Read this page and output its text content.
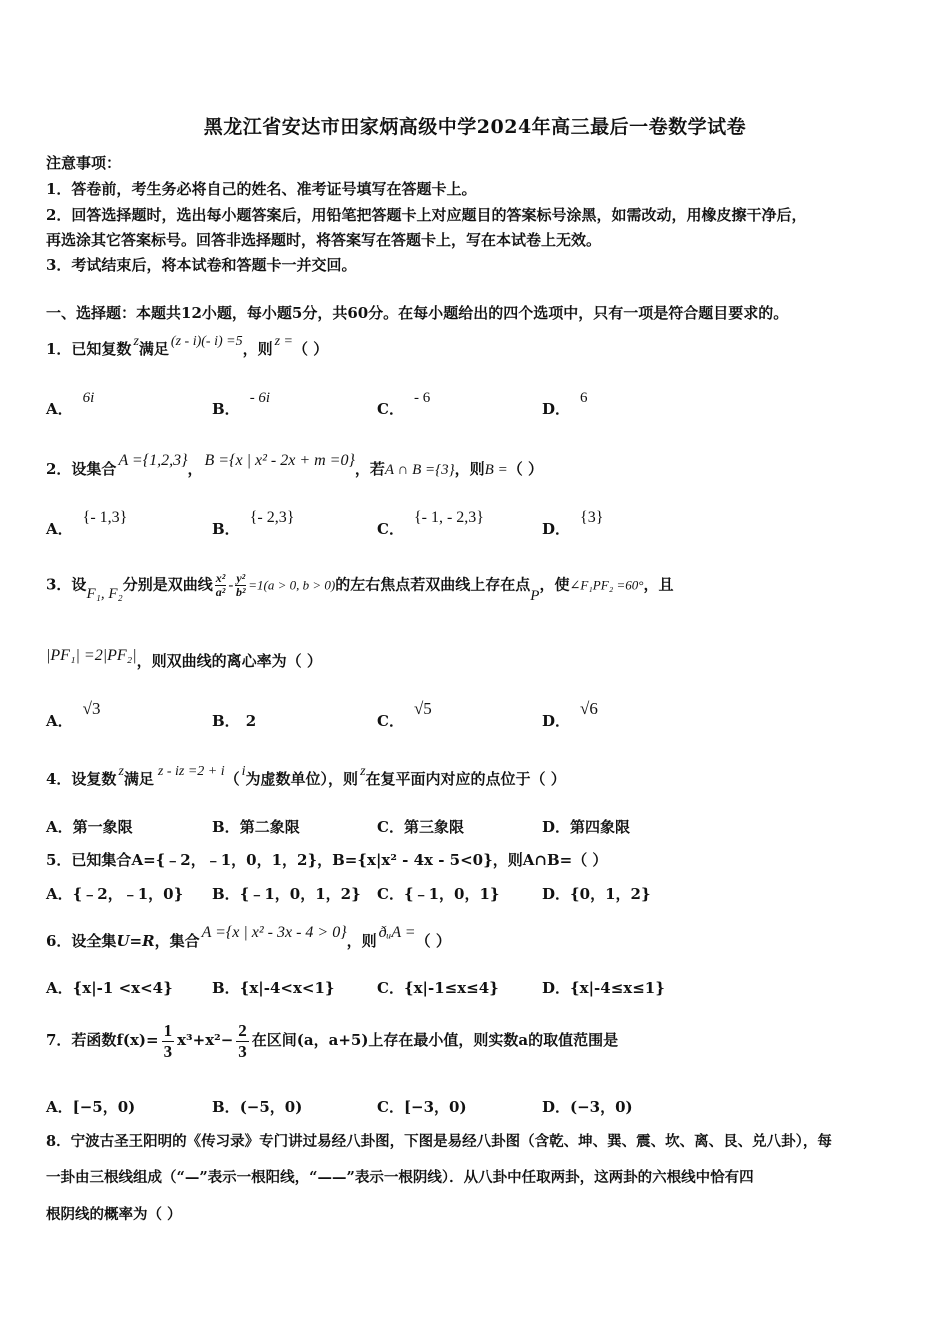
黑龙江省安达市田家炳高级中学2024年高三最后一卷数学试卷
注意事项：
1．答卷前，考生务必将自己的姓名、准考证号填写在答题卡上。
2．回答选择题时，选出每小题答案后，用铅笔把答题卡上对应题目的答案标号涂黑，如需改动，用橡皮擦干净后，
再选涂其它答案标号。回答非选择题时，将答案写在答题卡上，写在本试卷上无效。
3．考试结束后，将本试卷和答题卡一并交回。
一、选择题：本题共12小题，每小题5分，共60分。在每小题给出的四个选项中，只有一项是符合题目要求的。
1．已知复数 z满足 (z - i)(- i) =5，则 z =（ ）
A．6i
B．- 6i
C．- 6
D．6
2．设集合 A ={1,2,3}， B ={x | x² - 2x + m =0}，若A ∩ B ={3}，则B =（ ）
A．{- 1,3}
B．{- 2,3}
C．{- 1, - 2,3}
D．{3}
3．设F₁, F₂分别是双曲线 $\frac{\text{x²}}{\text{a²}} - \frac{\text{y²}}{\text{b²}} =1(a > 0$, b > 0)的左右焦点若双曲线上存在点P，使∠F₁PF₂ =60°，且
|PF₁| =2|PF₂|，则双曲线的离心率为（ ）
A．√3
B． 2	C．√5
D．√6
4．设复数 z满足 z - iz =2 + i（ i为虚数单位），则 z在复平面内对应的点位于（ ）
A．第一象限	B．第二象限	C．第三象限	D．第四象限
5．已知集合A={﹣2，﹣1，0，1，2}，B={x|x² - 4x - 5<0}，则A∩B=（ ）
A．{﹣2，﹣1，0} B．{﹣1，0，1，2} C．{﹣1，0，1}	D．{0，1，2}
6．设全集U=R，集合 A ={x | x² - 3x - 4 > 0}，则 ðᵤA =（ ）
A．{x|-1 <x<4}	B．{x|-4<x<1}	C．{x|-1≤x≤4}	D．{x|-4≤x≤1}
7．若函数$f(x)= \frac{1}{3} x^3+x^2- \frac{2}{3}$ 在区间(a，a+5)上存在最小值，则实数a的取值范围是
A．[−5，0)	B．(−5，0)	C．[−3，0)	D．(−3，0)
8．宁波古圣王阳明的《传习录》专门讲过易经八卦图，下图是易经八卦图（含乾、坤、巽、震、坎、离、艮、兑八卦），每
一卦由三根线组成（“—”表示一根阳线，“——”表示一根阴线）．从八卦中任取两卦，这两卦的六根线中恰有四
根阴线的概率为（ ）
